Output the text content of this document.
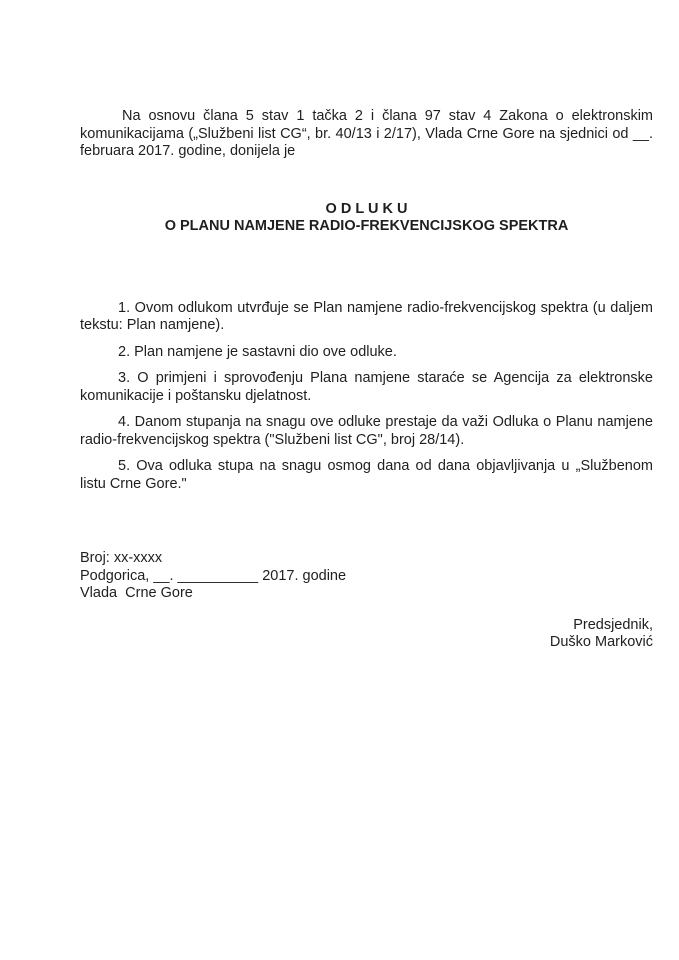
Na osnovu člana 5 stav 1 tačka 2 i člana 97 stav 4 Zakona o elektronskim komunikacijama („Službeni list CG“, br. 40/13 i 2/17), Vlada Crne Gore na sjednici od __. februara 2017. godine, donijela je

O D L U K U

O PLANU NAMJENE RADIO-FREKVENCIJSKOG SPEKTRA

1. Ovom odlukom utvrđuje se Plan namjene radio-frekvencijskog spektra (u daljem tekstu: Plan namjene).

2. Plan namjene je sastavni dio ove odluke.

3. O primjeni i sprovođenju Plana namjene staraće se Agencija za elektronske komunikacije i poštansku djelatnost.

4. Danom stupanja na snagu ove odluke prestaje da važi Odluka o Planu namjene radio-frekvencijskog spektra ("Službeni list CG", broj 28/14).

5. Ova odluka stupa na snagu osmog dana od dana objavljivanja u „Službenom listu Crne Gore."

Broj: xx-xxxx

Podgorica, __. __________ 2017. godine

Vlada  Crne Gore

Predsjednik,

Duško Marković
